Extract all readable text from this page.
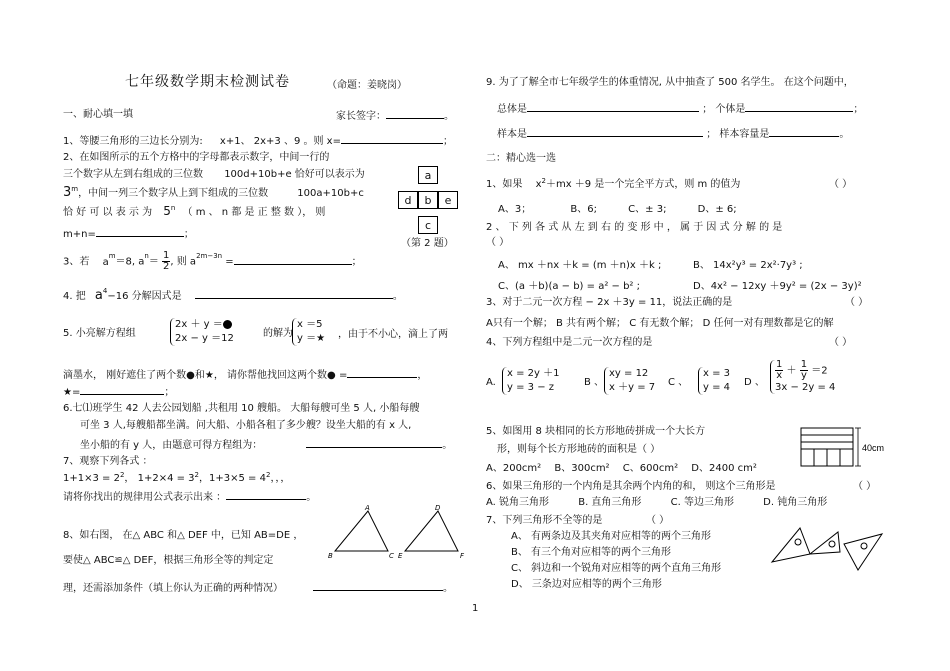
七年级数学期末检测试卷	（命题：姜晓岗）
一、耐心填一填	家长签字：	。
1、等腰三角形的三边长分别为: x+1、 2x+3 、9 。则 x=	；
2、在如图所示的五个方格中的字母都表示数字，中间一行的
三个数字从左到右组成的三位数 100d+10b+e 恰好可以表示为
3$^m$，中间一列三个数字从上到下组成的三位数	100a+10b+c
恰 好 可 以 表 示 为 5$^n$ （ m 、 n 都 是 正 整 数 ）， 则
m+n=	；
a
d	b	e
c
（第 2 题）
3、若 $a^m=8$, $a^n= \frac{1}{2}$ , 则 $a^{2m-3n}$ =	；
4. 把 $a^4-16$ 分解因式是	。
5. 小亮解方程组
2x ＋ y ＝
2x − y ＝12	的解为
x ＝5
y ＝★ ，由于不小心，滴上了两
滴墨水， 刚好遮住了两个数●和★， 请你帮他找回这两个数● =	，
★=	；
6.七⑴班学生 42 人去公园划船 ,共租用 10 艘船。 大船每艘可坐 5 人, 小船每艘
可坐 3 人,每艘船都坐满。问大船、小船各租了多少艘？设坐大船的有 x 人,
坐小船的有 y 人，由题意可得方程组为：	。
7、观察下列各式 ：
$1+1\times 3 = 2^2$， $1+2\times 4 = 3^2$，$1+3\times 5 = 4^2$，，，
请将你找出的规律用公式表示出来 ：	。
8、如右图， 在△ ABC 和△ DEF 中，已知 AB=DE ，
要使△ ABC≌△ DEF，根据三角形全等的判定定
理，还需添加条件（填上你认为正确的两种情况）	。
A
B	C
D
E	F
1
9. 为了了解全市七年级学生的体重情况, 从中抽查了 500 名学生。 在这个问题中，
总体是	； 个体是	；
样本是	； 样本容量是	。
二：精心选一选
1、如果 $x^2+mx +9$ 是一个完全平方式，则 m 的值为	（ ）
A、3；	B、6;	C、± 3;	D、± 6;
2 、 下 列 各 式 从 左 到 右 的 变 形 中 ， 属 于 因 式 分 解 的 是
（ ）
A、 mx ＋nx ＋k = (m ＋n)x ＋k ;	B、 14x²y³ = 2x²·7y³ ;
C、(a ＋b)(a − b) = a² − b² ;	D、4x² − 12xy ＋9y² = (2x − 3y)²
3、对于二元一次方程 − 2x ＋3y = 11，说法正确的是	（ ）
A只有一个解； B 共有两个解； C 有无数个解； D 任何一对有理数都是它的解
4、下列方程组中是二元一次方程的是	（ ）
A.
x = 2y ＋1
y = 3 − z	B 、
xy = 12
x ＋y = 7 C 、
x = 3
y = 4 D 、
$\frac{1}{x} + \frac{1}{y} =2$
3x − 2y = 4
5、如图用 8 块相同的长方形地砖拼成一个大长方
形，则每个长方形地砖的面积是（ ）
A、200cm² B、300cm² C、600cm² D、2400 cm²
40cm
6、如果三角形的一个内角是其余两个内角的和， 则这个三角形是	（ ）
A. 锐角三角形	B. 直角三角形	C. 等边三角形	D. 钝角三角形
7、下列三角形不全等的是	（ ）
A、 有两条边及其夹角对应相等的两个三角形
B、 有三个角对应相等的两个三角形
C、 斜边和一个锐角对应相等的两个直角三角形
D、 三条边对应相等的两个三角形
